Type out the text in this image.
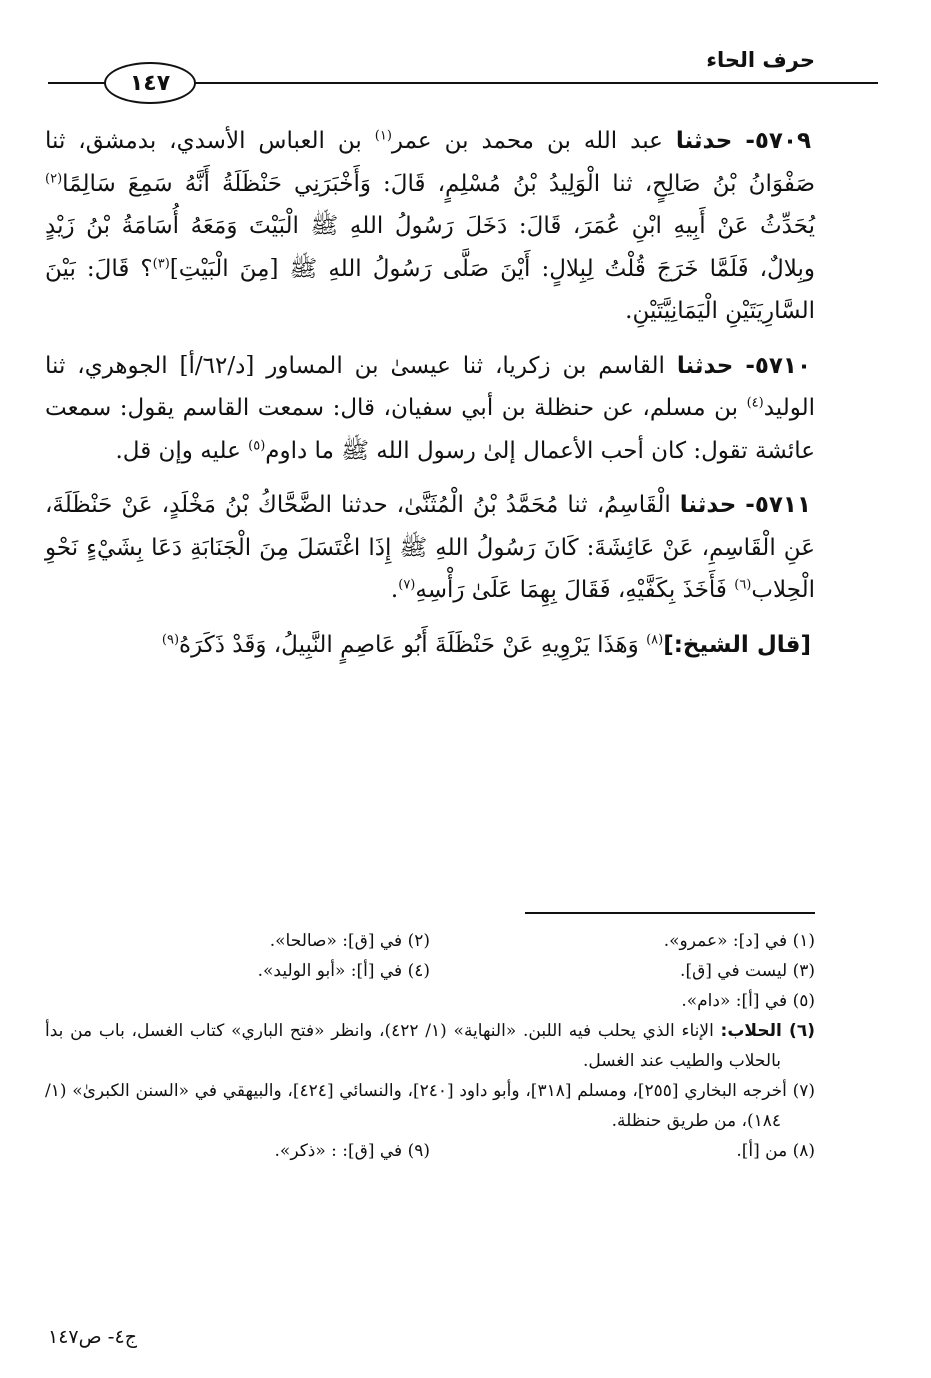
حرف الحاء
١٤٧

٥٧٠٩- حدثنا عبد الله بن محمد بن عمر$^{(١)}$ بن العباس الأسدي، بدمشق، ثنا صَفْوَانُ بْنُ صَالِحٍ، ثنا الْوَلِيدُ بْنُ مُسْلِمٍ، قَالَ: وَأَخْبَرَنِي حَنْظَلَةُ أَنَّهُ سَمِعَ سَالِمًا$^{(٢)}$ يُحَدِّثُ عَنْ أَبِيهِ ابْنِ عُمَرَ، قَالَ: دَخَلَ رَسُولُ اللهِ ﷺ الْبَيْتَ وَمَعَهُ أُسَامَةُ بْنُ زَيْدٍ وبِلالٌ، فَلَمَّا خَرَجَ قُلْتُ لِبِلالٍ: أَيْنَ صَلَّى رَسُولُ اللهِ ﷺ [مِنَ الْبَيْتِ]$^{(٣)}$؟ قَالَ: بَيْنَ السَّارِيَتَيْنِ الْيَمَانِيَّتَيْنِ.

٥٧١٠- حدثنا القاسم بن زكريا، ثنا عيسىٰ بن المساور [د/٦٢/أ] الجوهري، ثنا الوليد$^{(٤)}$ بن مسلم، عن حنظلة بن أبي سفيان، قال: سمعت القاسم يقول: سمعت عائشة تقول: كان أحب الأعمال إلىٰ رسول الله ﷺ ما داوم$^{(٥)}$ عليه وإن قل.

٥٧١١- حدثنا الْقَاسِمُ، ثنا مُحَمَّدُ بْنُ الْمُثَنَّىٰ، حدثنا الضَّحَّاكُ بْنُ مَخْلَدٍ، عَنْ حَنْظَلَةَ، عَنِ الْقَاسِمِ، عَنْ عَائِشَةَ: كَانَ رَسُولُ اللهِ ﷺ إِذَا اغْتَسَلَ مِنَ الْجَنَابَةِ دَعَا بِشَيْءٍ نَحْوِ الْحِلاب$^{(٦)}$ فَأَخَذَ بِكَفَّيْهِ، فَقَالَ بِهِمَا عَلَىٰ رَأْسِهِ$^{(٧)}$.

[قال الشيخ:]$^{(٨)}$ وَهَذَا يَرْوِيهِ عَنْ حَنْظَلَةَ أَبُو عَاصِمٍ النَّبِيلُ، وَقَدْ ذَكَرَهُ$^{(٩)}$

(١) في [د]: «عمرو».
(٢) في [ق]: «صالحا».
(٣) ليست في [ق].
(٤) في [أ]: «أبو الوليد».
(٥) في [أ]: «دام».
(٦) الحلاب: الإناء الذي يحلب فيه اللبن. «النهاية» (١/ ٤٢٢)، وانظر «فتح الباري» كتاب الغسل، باب من بدأ بالحلاب والطيب عند الغسل.
(٧) أخرجه البخاري [٢٥٥]، ومسلم [٣١٨]، وأبو داود [٢٤٠]، والنسائي [٤٢٤]، والبيهقي في «السنن الكبرىٰ» (١/ ١٨٤)، من طريق حنظلة.
(٨) من [أ].
(٩) في [ق]: : «ذكر».
ج٤- ص١٤٧
